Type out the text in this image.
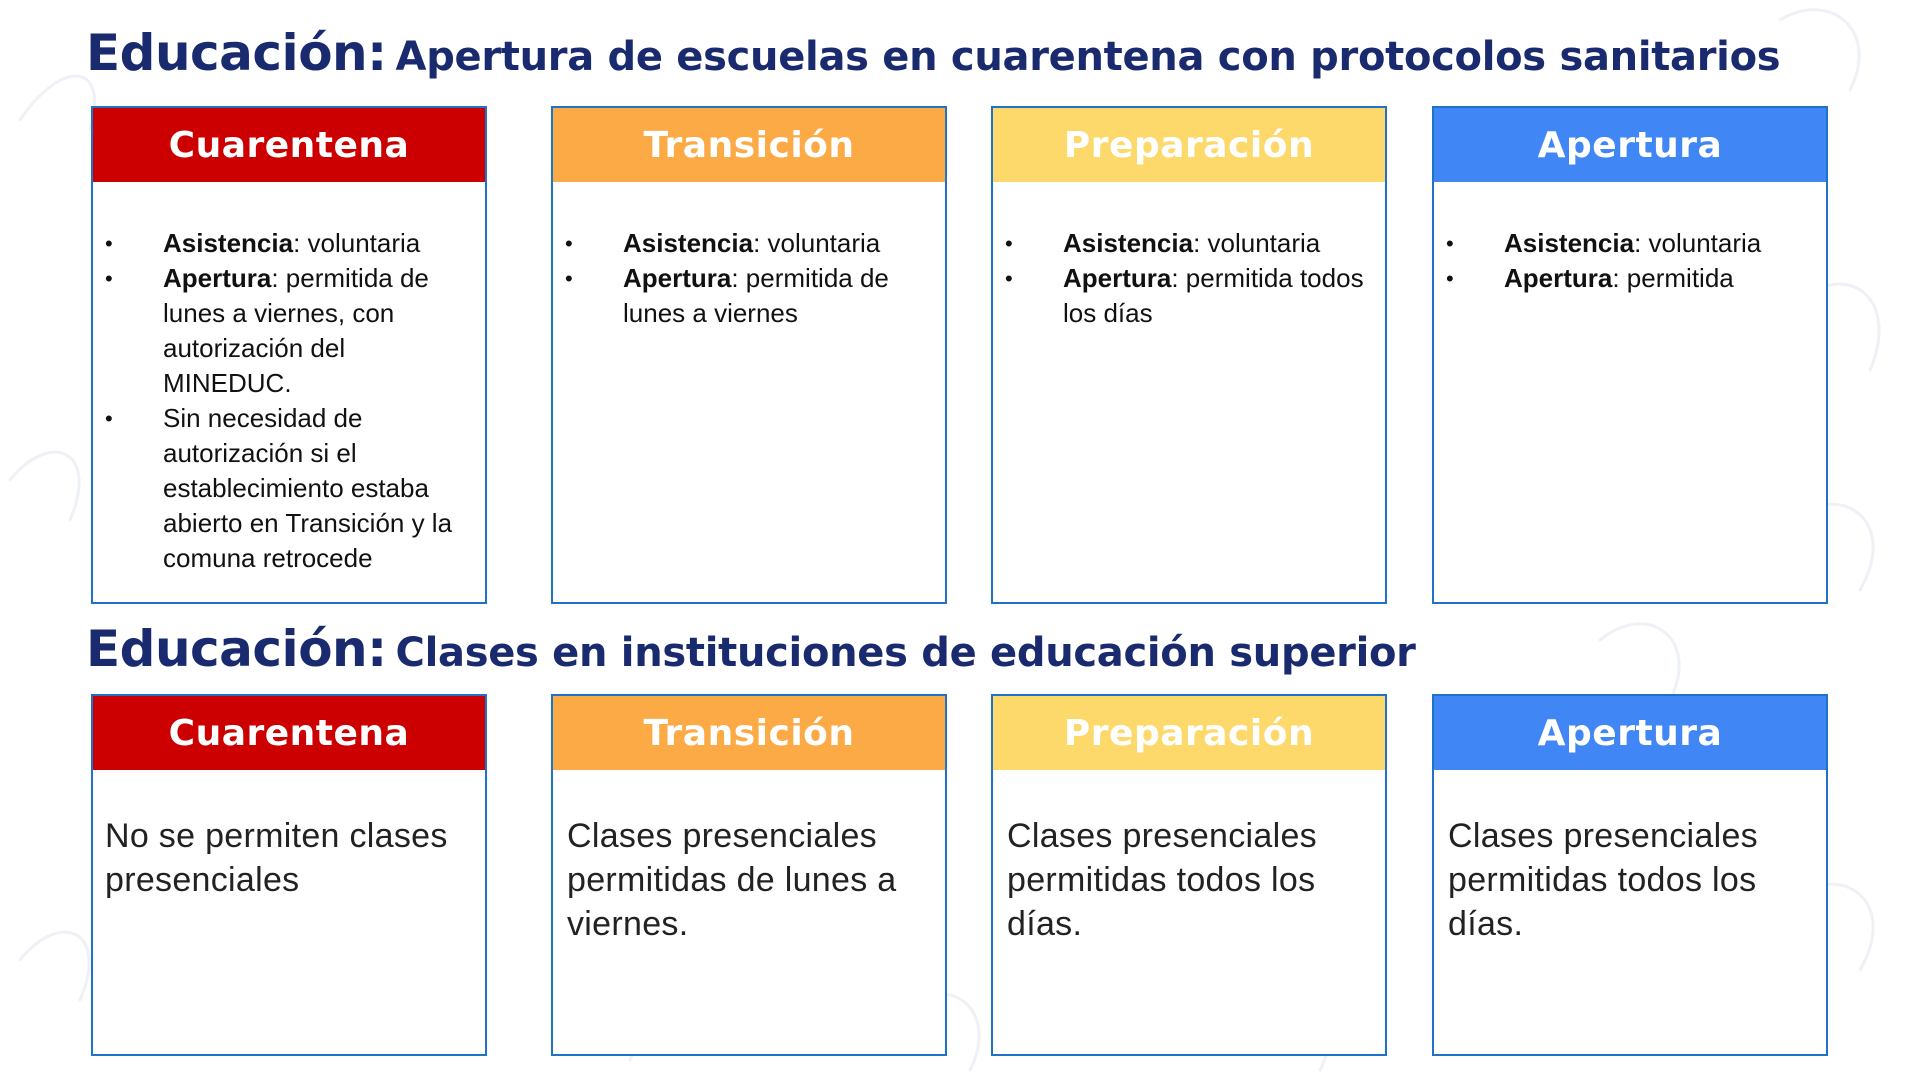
Educación: Apertura de escuelas en cuarentena con protocolos sanitarios
Cuarentena
• Asistencia: voluntaria
• Apertura: permitida de lunes a viernes, con autorización del MINEDUC.
• Sin necesidad de autorización si el establecimiento estaba abierto en Transición y la comuna retrocede
Transición
• Asistencia: voluntaria
• Apertura: permitida de lunes a viernes
Preparación
• Asistencia: voluntaria
• Apertura: permitida todos los días
Apertura
• Asistencia: voluntaria
• Apertura: permitida
Educación: Clases en instituciones de educación superior
Cuarentena

No se permiten clases presenciales

Transición

Clases presenciales permitidas de lunes a viernes.

Preparación

Clases presenciales permitidas todos los días.

Apertura

Clases presenciales permitidas todos los días.
